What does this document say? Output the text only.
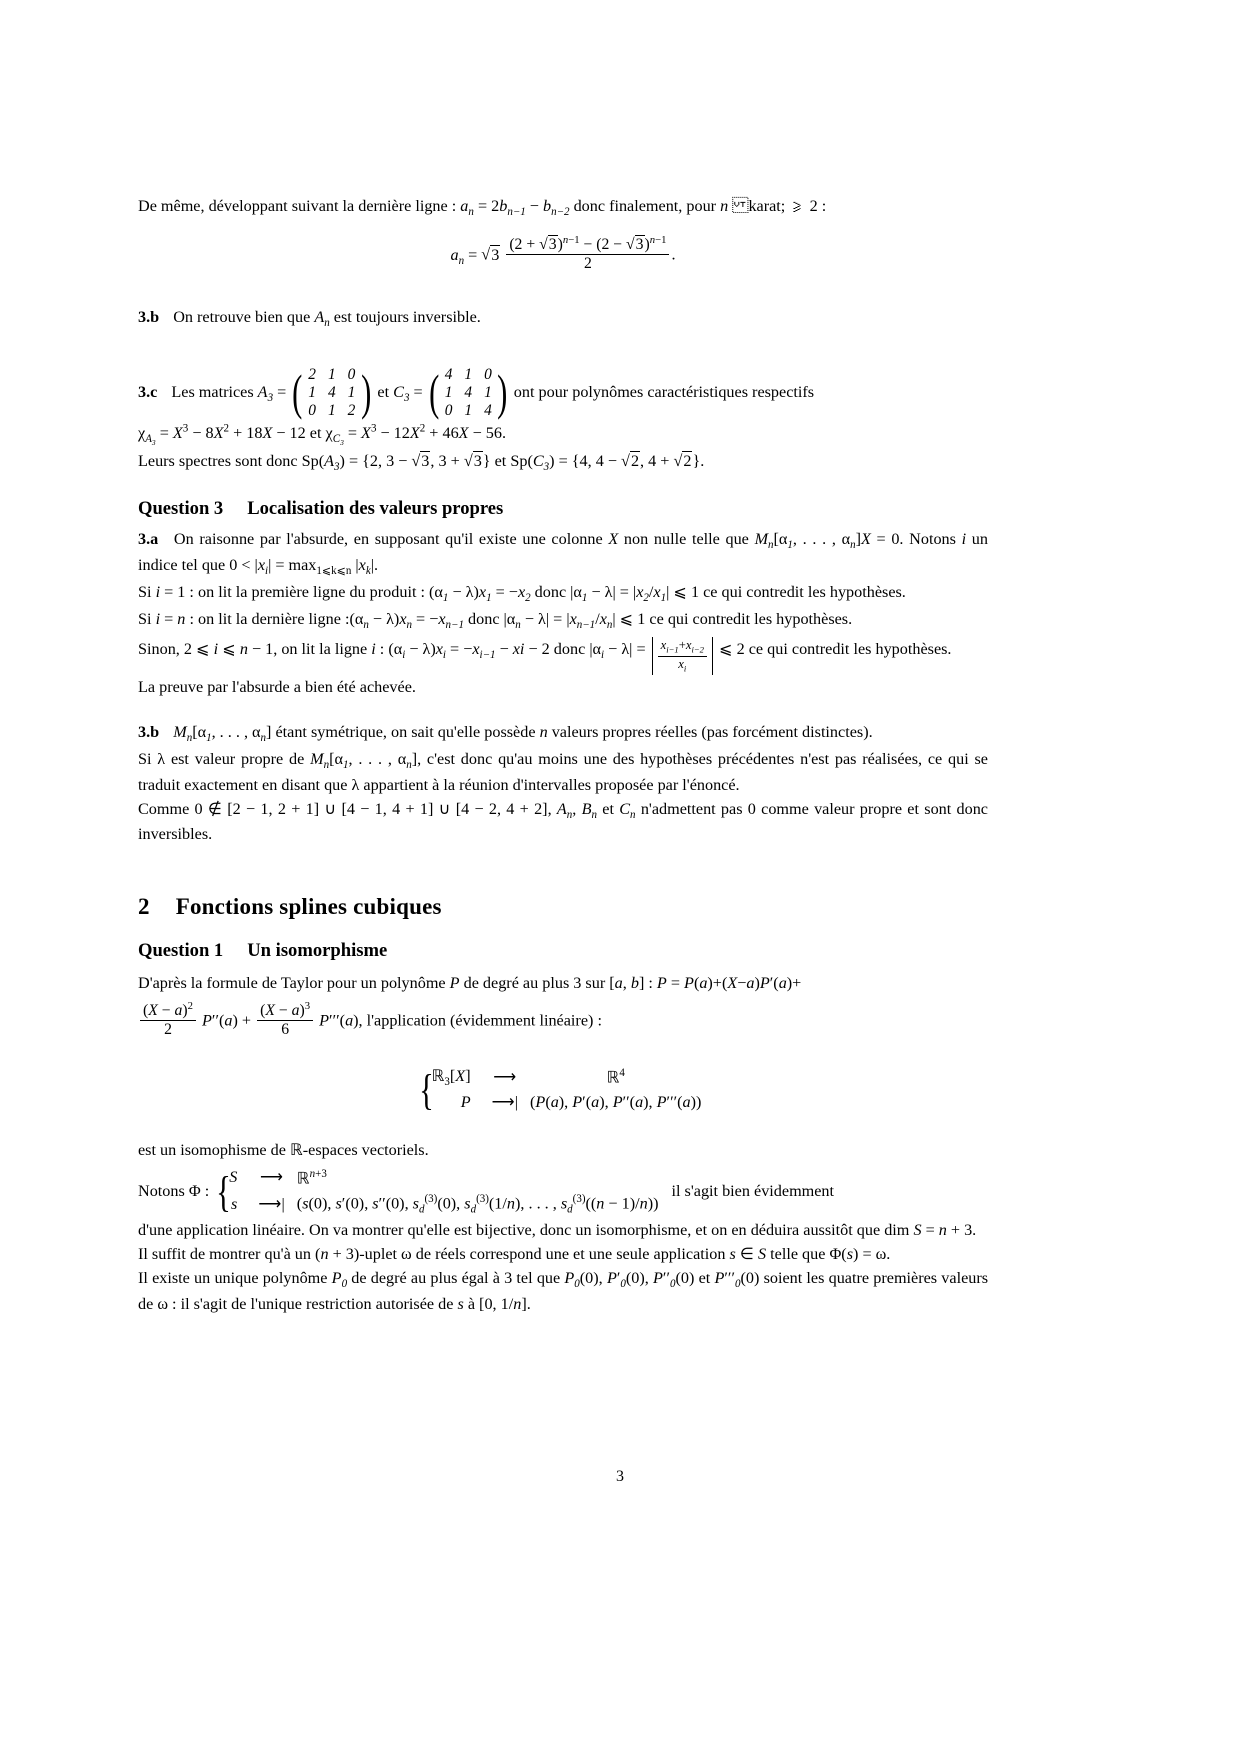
De même, développant suivant la dernière ligne : $a_n = 2b_{n-1} - b_{n-2}$ donc finalement, pour n karat; ⩾ 2 :
$a_n = √3 \frac{(2 + √3)^{n-1} - (2 - √3)^{n-1}}{2}$ .
3.b On retrouve bien que $A_n$ est toujours inversible.
3.c Les matrices $A_3$ = ( 2	1	0
1	4	1
0	1	2 ) et $C_3$ = ( 4	1	0
1	4	1
0	1	4 ) ont pour polynômes caractéristiques respectifs
$\chi_{A_3} = X^3 - 8X^2 + 18X - 12$ et $\chi_{C_3} = X^3 - 12X^2 + 46X - 56$.
Leurs spectres sont donc $Sp(A_3) = \{2$, 3 − √3, 3 + √3} et $Sp(C_3) = \{4$, 4 − √2, 4 + √2}.
Question 3 Localisation des valeurs propres
3.a On raisonne par l'absurde, en supposant qu'il existe une colonne X non nulle telle que $M_n[\alpha_1$, . . . , $\alpha_n]X = 0$. Notons i un indice tel que $0 < |x_i| = \max_{1⩽k⩽n} |x_k|$.
Si i = 1 : on lit la première ligne du produit : $(\alpha_1 - \lambda)x_1 = -x_2$ donc $|\alpha_1 - \lambda| = |x_2/x_1|$ ⩽ 1 ce qui contredit les hypothèses.
Si i = n : on lit la dernière ligne $:(\alpha_n - \lambda)x_n = -x_{n-1}$ donc $|\alpha_n - \lambda| = |x_{n-1}/x_n|$ ⩽ 1 ce qui contredit les hypothèses.
Sinon, 2 ⩽ i ⩽ n − 1, on lit la ligne i : $(\alpha_i - \lambda)x_i = -x_{i-1}$ − xi − 2 donc $|\alpha_i - \lambda| = \frac{x_{i-1}+x_{i-2}}{x_i}$ ⩽ 2 ce qui contredit les hypothèses.
La preuve par l'absurde a bien été achevée.
3.b $M_n[\alpha_1$, . . . , $\alpha_n$] étant symétrique, on sait qu'elle possède n valeurs propres réelles (pas forcément distinctes).
Si λ est valeur propre de $M_n[\alpha_1$, . . . , $\alpha_n$], c'est donc qu'au moins une des hypothèses précédentes n'est pas réalisées, ce qui se traduit exactement en disant que λ appartient à la réunion d'intervalles proposée par l'énoncé.
Comme 0 ∉ [2 − 1, 2 + 1] ∪ [4 − 1, 4 + 1] ∪ [4 − 2, 4 + 2], $A_n$, $B_n$ et $C_n$ n'admettent pas 0 comme valeur propre et sont donc inversibles.
2 Fonctions splines cubiques
Question 1 Un isomorphisme
D'après la formule de Taylor pour un polynôme P de degré au plus 3 sur [a, b] : P = P(a)+(X−a)P′(a)+
$\frac{(X - a)^2}{2} P''(a) + \frac{(X - a)^3}{6} P'''(a)$, l'application (évidemment linéaire) :
{
ℝ$_3$[X]	⟶	ℝ$^4$
P	⟶|	(P(a), P′(a), P′′(a), P′′′(a))
est un isomophisme de ℝ-espaces vectoriels.
Notons Φ : {
S	⟶	ℝ$^{n+3}$
s	⟶|	(s(0), s′(0), s′′(0), $s_d^{(3)}(0)$, $s_d^{(3)}(1/n)$, . . . , $s_d^{(3)}((n - 1)/n)$)
il s'agit bien évidemment
d'une application linéaire. On va montrer qu'elle est bijective, donc un isomorphisme, et on en déduira aussitôt que dim S = n + 3.
Il suffit de montrer qu'à un (n + 3)-uplet ω de réels correspond une et une seule application s ∈ S telle que Φ(s) = ω.
Il existe un unique polynôme $P_0$ de degré au plus égal à 3 tel que $P_0(0)$, $P'_0(0)$, $P''_0(0)$ et $P'''_0(0)$ soient les quatre premières valeurs de ω : il s'agit de l'unique restriction autorisée de s à [0, 1/n].
3
